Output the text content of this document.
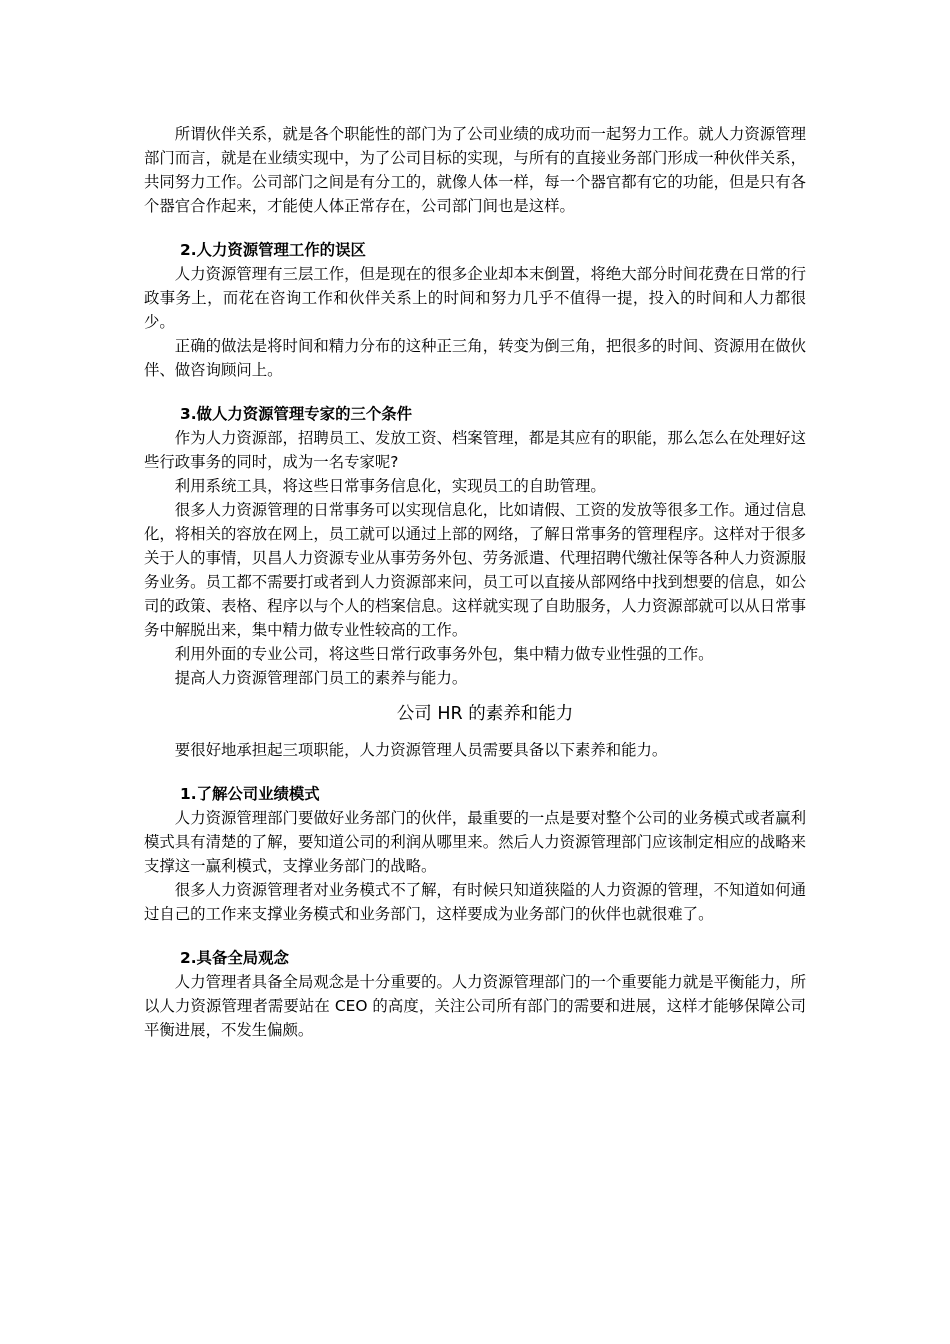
所谓伙伴关系，就是各个职能性的部门为了公司业绩的成功而一起努力工作。就人力资源管理部门而言，就是在业绩实现中，为了公司目标的实现，与所有的直接业务部门形成一种伙伴关系，共同努力工作。公司部门之间是有分工的，就像人体一样，每一个器官都有它的功能，但是只有各个器官合作起来，才能使人体正常存在，公司部门间也是这样。

2.人力资源管理工作的误区

人力资源管理有三层工作，但是现在的很多企业却本末倒置，将绝大部分时间花费在日常的行政事务上，而花在咨询工作和伙伴关系上的时间和努力几乎不值得一提，投入的时间和人力都很少。

正确的做法是将时间和精力分布的这种正三角，转变为倒三角，把很多的时间、资源用在做伙伴、做咨询顾问上。

3.做人力资源管理专家的三个条件

作为人力资源部，招聘员工、发放工资、档案管理，都是其应有的职能，那么怎么在处理好这些行政事务的同时，成为一名专家呢?

利用系统工具，将这些日常事务信息化，实现员工的自助管理。

很多人力资源管理的日常事务可以实现信息化，比如请假、工资的发放等很多工作。通过信息化，将相关的容放在网上，员工就可以通过上部的网络，了解日常事务的管理程序。这样对于很多关于人的事情，贝昌人力资源专业从事劳务外包、劳务派遣、代理招聘代缴社保等各种人力资源服务业务。员工都不需要打或者到人力资源部来问，员工可以直接从部网络中找到想要的信息，如公司的政策、表格、程序以与个人的档案信息。这样就实现了自助服务，人力资源部就可以从日常事务中解脱出来，集中精力做专业性较高的工作。

利用外面的专业公司，将这些日常行政事务外包，集中精力做专业性强的工作。

提高人力资源管理部门员工的素养与能力。

公司 HR 的素养和能力

要很好地承担起三项职能，人力资源管理人员需要具备以下素养和能力。

1.了解公司业绩模式

人力资源管理部门要做好业务部门的伙伴，最重要的一点是要对整个公司的业务模式或者赢利模式具有清楚的了解，要知道公司的利润从哪里来。然后人力资源管理部门应该制定相应的战略来支撑这一赢利模式，支撑业务部门的战略。

很多人力资源管理者对业务模式不了解，有时候只知道狭隘的人力资源的管理，不知道如何通过自己的工作来支撑业务模式和业务部门，这样要成为业务部门的伙伴也就很难了。

2.具备全局观念

人力管理者具备全局观念是十分重要的。人力资源管理部门的一个重要能力就是平衡能力，所以人力资源管理者需要站在 CEO 的高度，关注公司所有部门的需要和进展，这样才能够保障公司平衡进展，不发生偏颇。
